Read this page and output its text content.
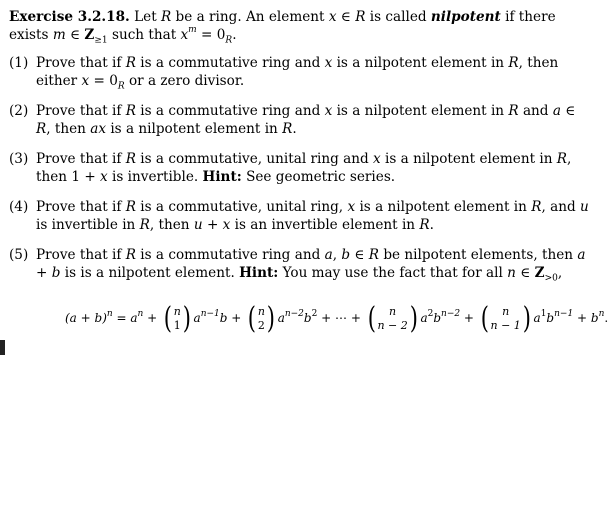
Exercise 3.2.18. Let R be a ring. An element x ∈ R is called nilpotent if there exists m ∈ $Z_{\ge 1}$ such that $x^m = 0_R$.

(1) Prove that if R is a commutative ring and x is a nilpotent element in R, then either $x = 0_R$ or a zero divisor.
(2) Prove that if R is a commutative ring and x is a nilpotent element in R and a ∈ R, then ax is a nilpotent element in R.
(3) Prove that if R is a commutative, unital ring and x is a nilpotent element in R, then 1 + x is invertible. Hint: See geometric series.
(4) Prove that if R is a commutative, unital ring, x is a nilpotent element in R, and u is invertible in R, then u + x is an invertible element in R.
(5) Prove that if R is a commutative ring and a, b ∈ R be nilpotent elements, then a + b is is a nilpotent element. Hint: You may use the fact that for all n ∈ $Z_{>0}$,
$(a + b)^n = a^n$ + ( n
1 ) $a^{n-1}b$ + ( n
2 ) $a^{n-2}b^2$ + ⋯ + ( n
n − 2 ) $a^2b^{n-2}$ + ( n
n − 1 ) $a^1b^{n-1} + b^n$.
